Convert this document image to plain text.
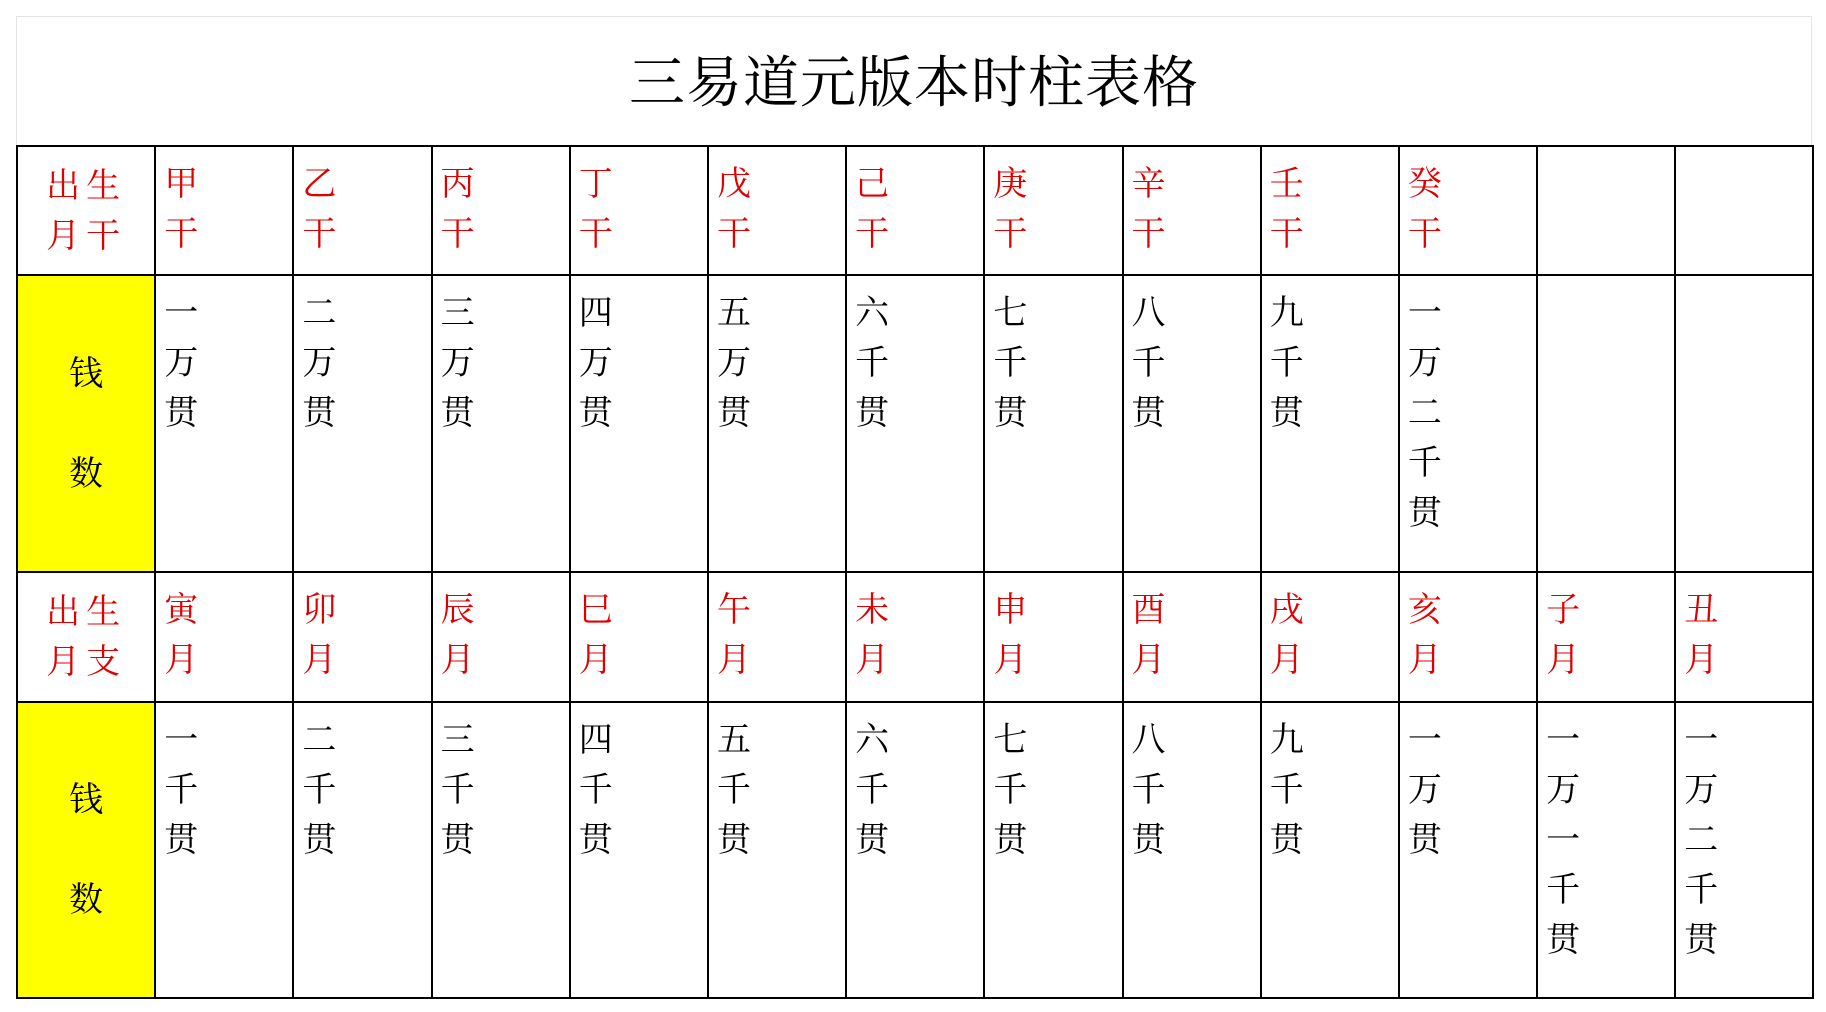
三易道元版本时柱表格
出生
月干	甲干	乙干	丙干	丁干	戊干	己干	庚干	辛干	壬干	癸干		

钱
数	一万贯	二万贯	三万贯	四万贯	五万贯	六千贯	七千贯	八千贯	九千贯	一万二千贯		

出生
月支	寅月	卯月	辰月	巳月	午月	未月	申月	酉月	戌月	亥月	子月	丑月

钱
数	一千贯	二千贯	三千贯	四千贯	五千贯	六千贯	七千贯	八千贯	九千贯	一万贯	一万一千贯	一万二千贯
